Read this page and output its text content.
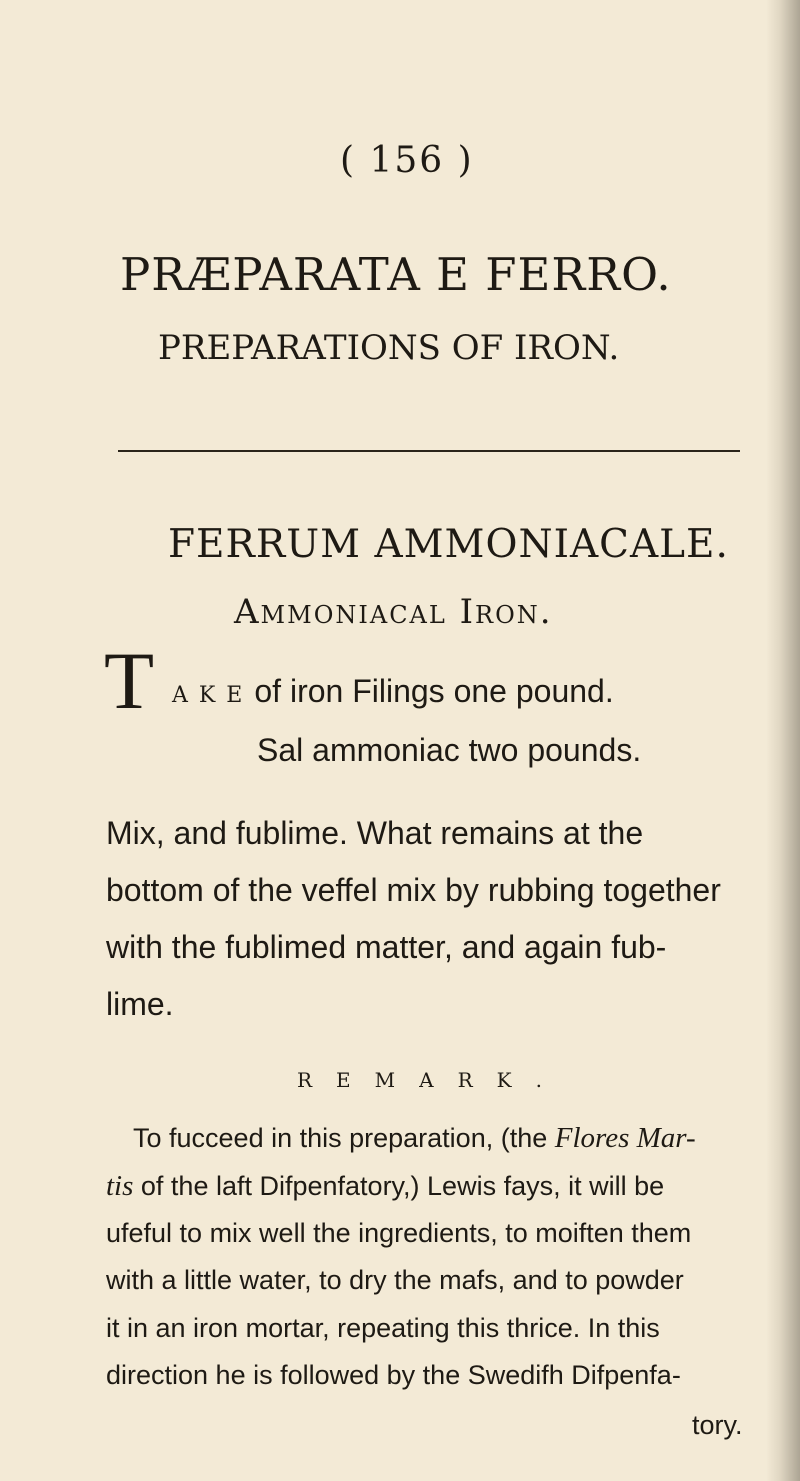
( 156 )
PRÆPARATA E FERRO.
PREPARATIONS OF IRON.
FERRUM AMMONIACALE.
Ammoniacal Iron.
T A K E of iron Filings one pound.
Sal ammoniac two pounds.
Mix, and fublime. What remains at the
bottom of the veffel mix by rubbing together
with the fublimed matter, and again fub-
lime.
REMARK.
To fucceed in this preparation, (the Flores Mar-
tis of the laft Difpenfatory,) Lewis fays, it will be
ufeful to mix well the ingredients, to moiften them
with a little water, to dry the mafs, and to powder
it in an iron mortar, repeating this thrice. In this
direction he is followed by the Swedifh Difpenfa-
tory.
